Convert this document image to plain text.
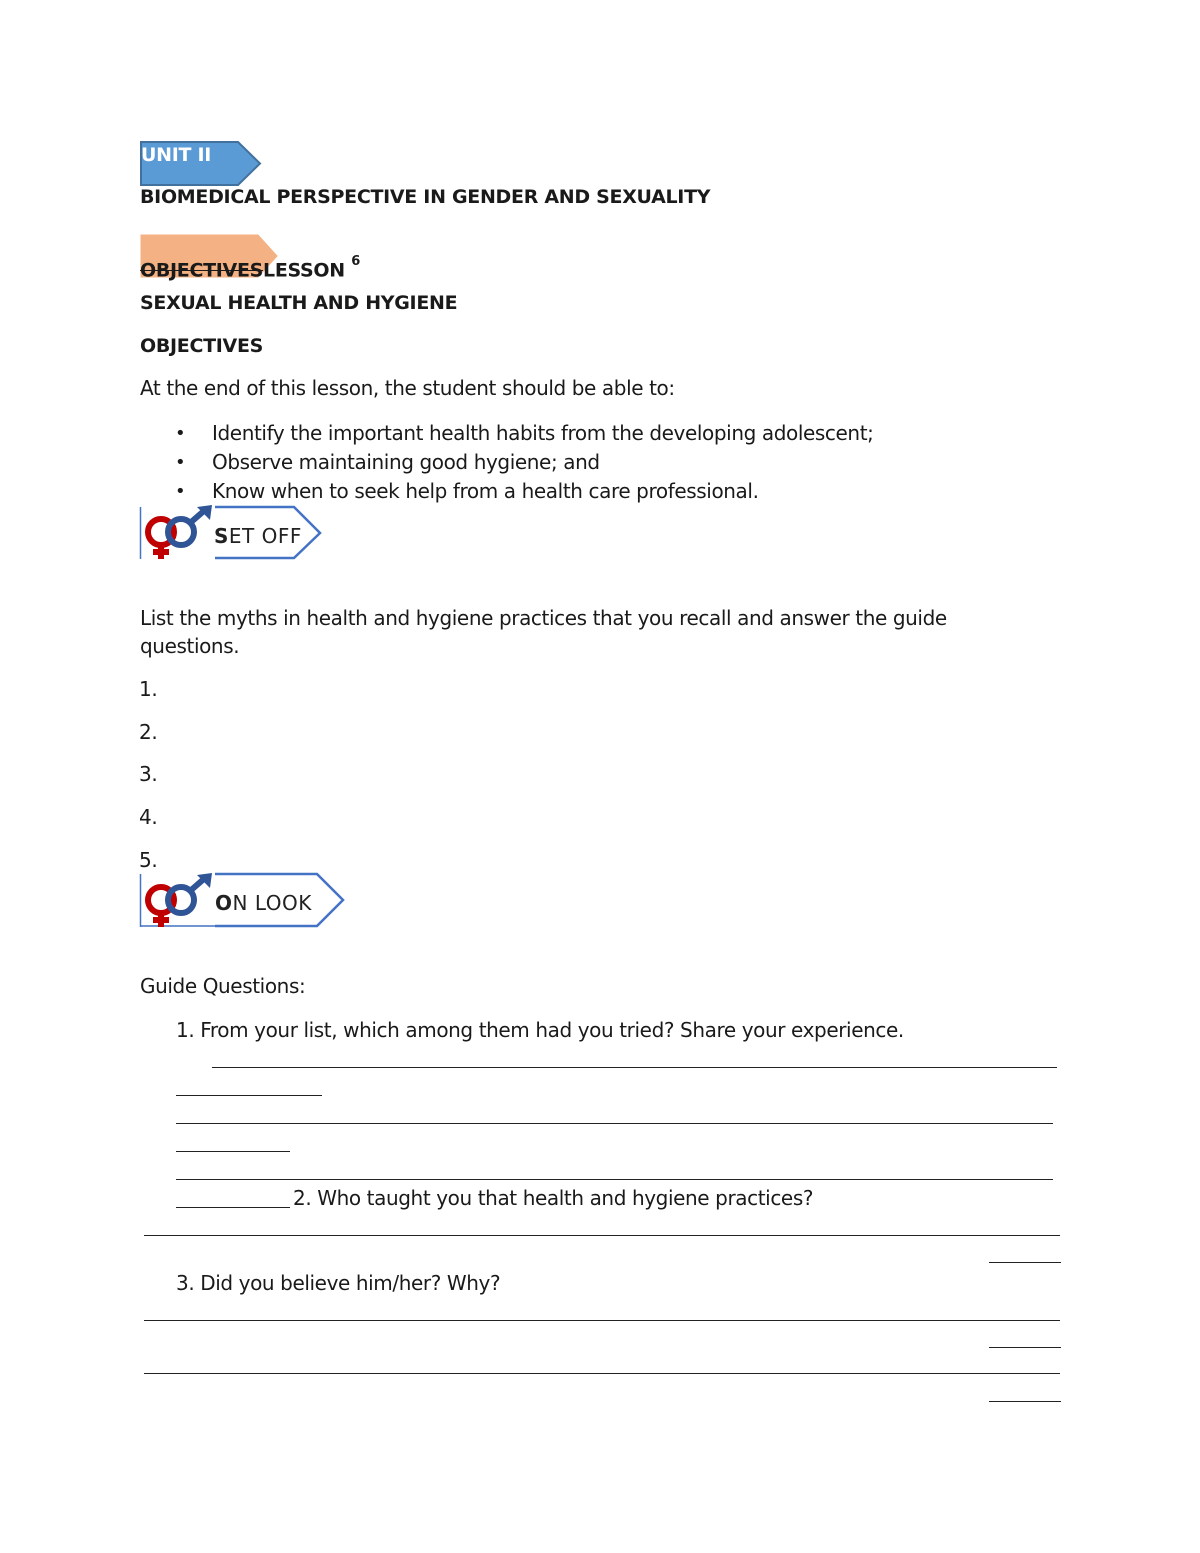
UNIT II
BIOMEDICAL PERSPECTIVE IN GENDER AND SEXUALITY
OBJECTIVESLESSON $^6$
SEXUAL HEALTH AND HYGIENE
OBJECTIVES
At the end of this lesson, the student should be able to:
• Identify the important health habits from the developing adolescent;
• Observe maintaining good hygiene; and
• Know when to seek help from a health care professional.
SET OFF
List the myths in health and hygiene practices that you recall and answer the guide
questions.
1.
2.
3.
4.
5.
ON LOOK
Guide Questions:
1. From your list, which among them had you tried? Share your experience.
2. Who taught you that health and hygiene practices?
3. Did you believe him/her? Why?
